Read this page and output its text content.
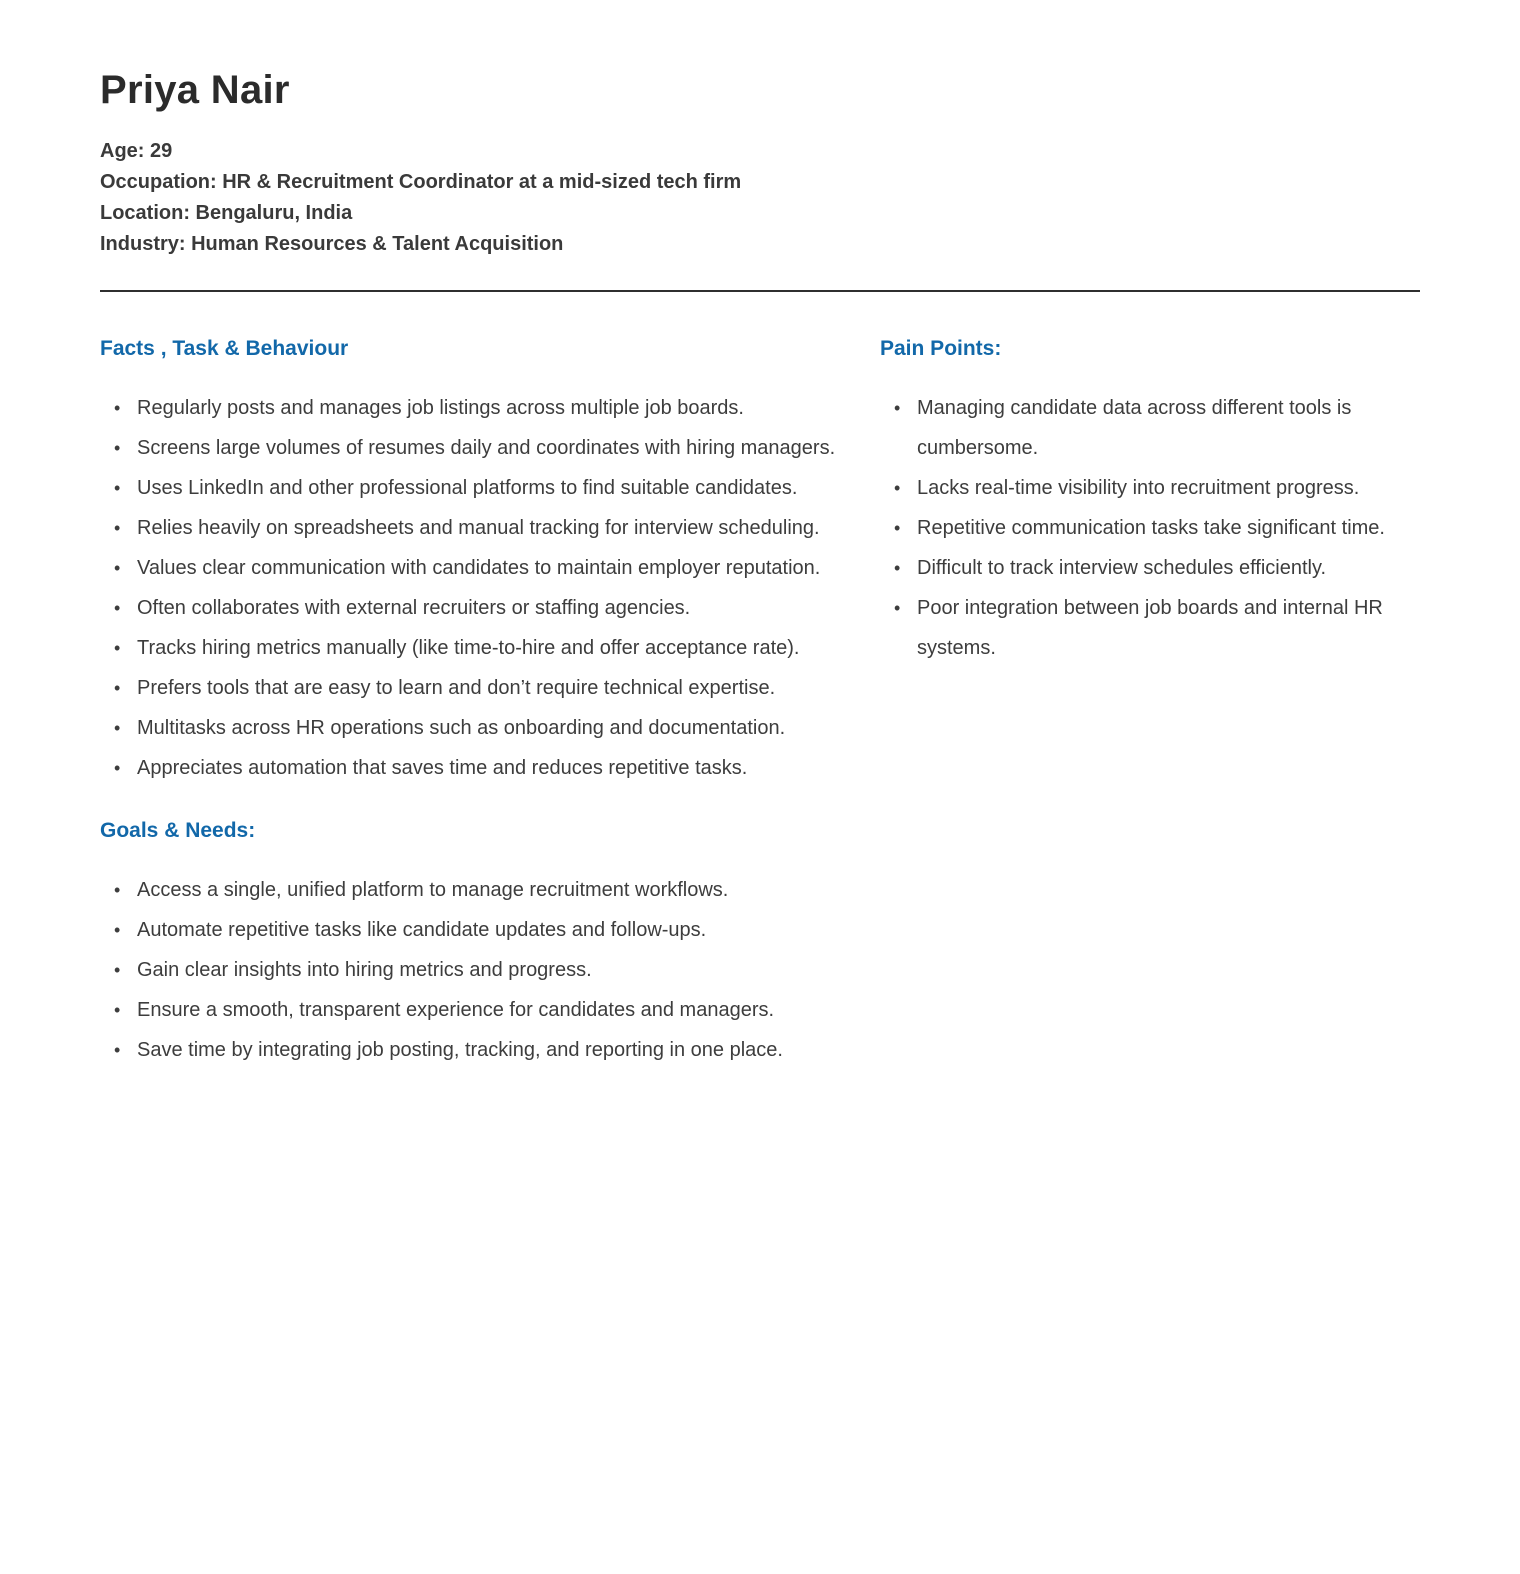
Priya Nair
Age: 29
Occupation: HR & Recruitment Coordinator at a mid-sized tech firm
Location: Bengaluru, India
Industry: Human Resources & Talent Acquisition
Facts , Task & Behaviour
• Regularly posts and manages job listings across multiple job boards.
• Screens large volumes of resumes daily and coordinates with hiring managers.
• Uses LinkedIn and other professional platforms to find suitable candidates.
• Relies heavily on spreadsheets and manual tracking for interview scheduling.
• Values clear communication with candidates to maintain employer reputation.
• Often collaborates with external recruiters or staffing agencies.
• Tracks hiring metrics manually (like time-to-hire and offer acceptance rate).
• Prefers tools that are easy to learn and don’t require technical expertise.
• Multitasks across HR operations such as onboarding and documentation.
• Appreciates automation that saves time and reduces repetitive tasks.
Goals & Needs:
• Access a single, unified platform to manage recruitment workflows.
• Automate repetitive tasks like candidate updates and follow-ups.
• Gain clear insights into hiring metrics and progress.
• Ensure a smooth, transparent experience for candidates and managers.
• Save time by integrating job posting, tracking, and reporting in one place.
Pain Points:
• Managing candidate data across different tools is cumbersome.
• Lacks real-time visibility into recruitment progress.
• Repetitive communication tasks take significant time.
• Difficult to track interview schedules efficiently.
• Poor integration between job boards and internal HR systems.
